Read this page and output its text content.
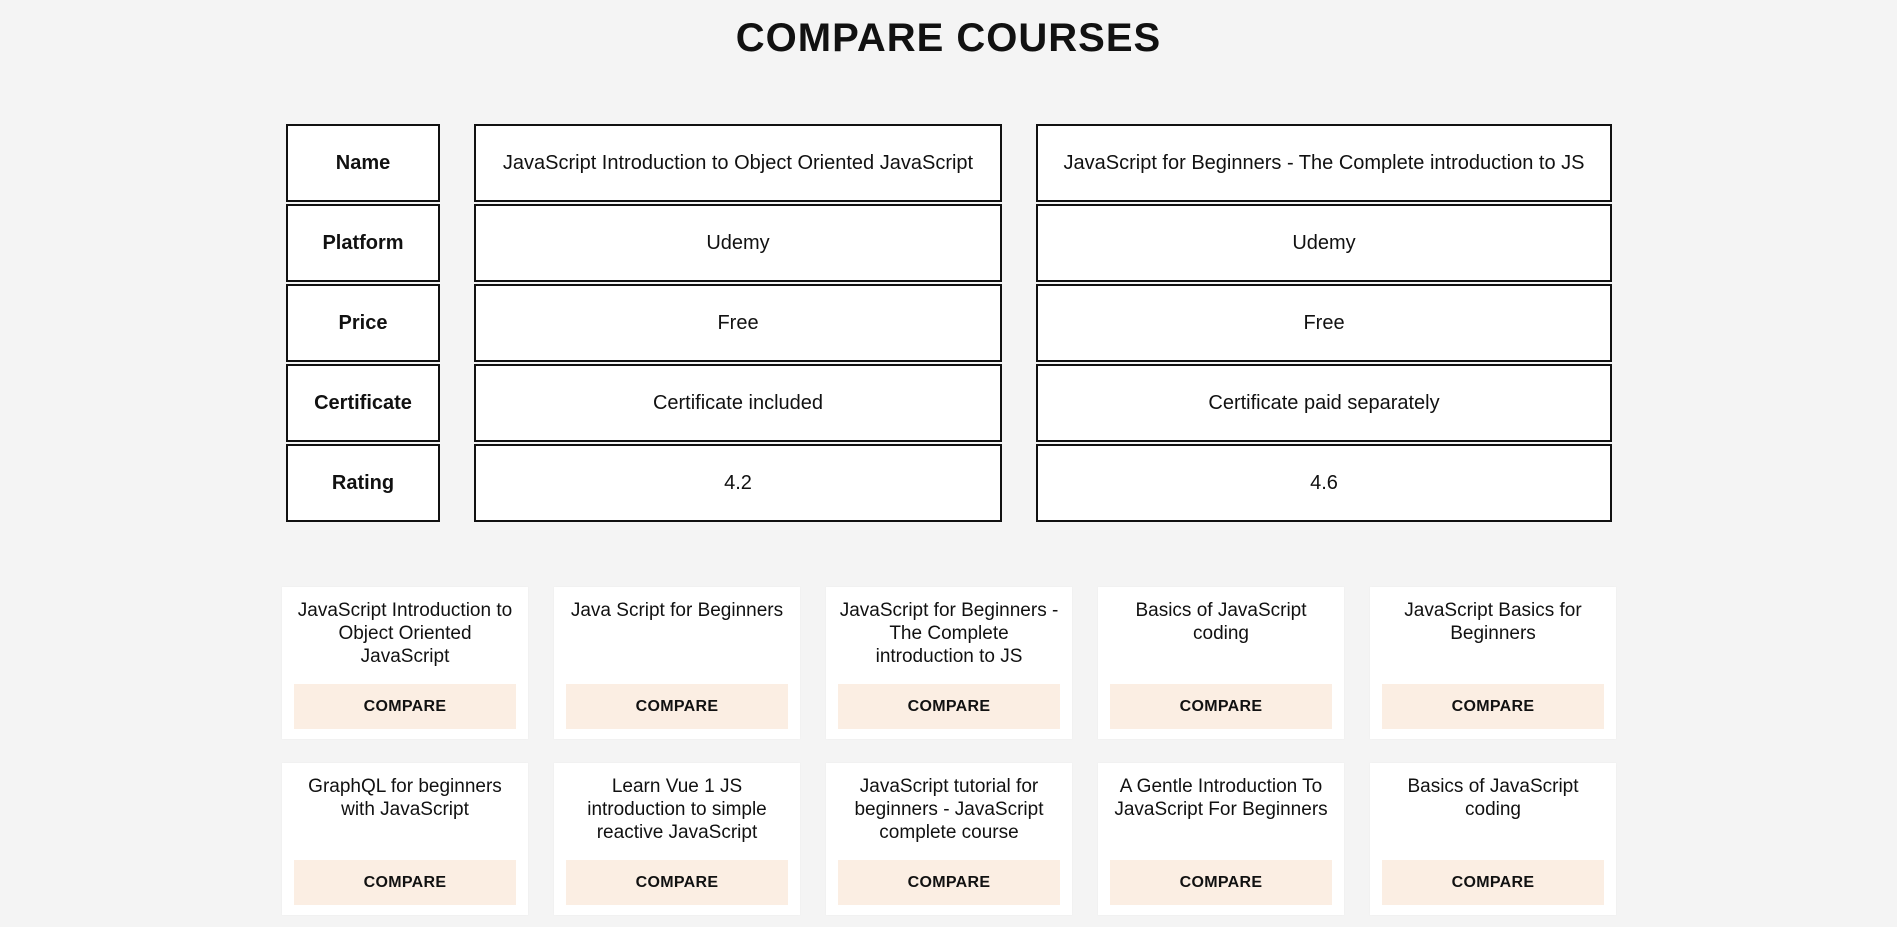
COMPARE COURSES
Name	JavaScript Introduction to Object Oriented JavaScript	JavaScript for Beginners - The Complete introduction to JS
Platform	Udemy	Udemy
Price	Free	Free
Certificate	Certificate included	Certificate paid separately
Rating	4.2	4.6

JavaScript Introduction to Object Oriented JavaScript

COMPARE

Java Script for Beginners

COMPARE

JavaScript for Beginners - The Complete introduction to JS

COMPARE

Basics of JavaScript coding

COMPARE

JavaScript Basics for Beginners

COMPARE

GraphQL for beginners with JavaScript

COMPARE

Learn Vue 1 JS introduction to simple reactive JavaScript

COMPARE

JavaScript tutorial for beginners - JavaScript complete course

COMPARE

A Gentle Introduction To JavaScript For Beginners

COMPARE

Basics of JavaScript coding

COMPARE
